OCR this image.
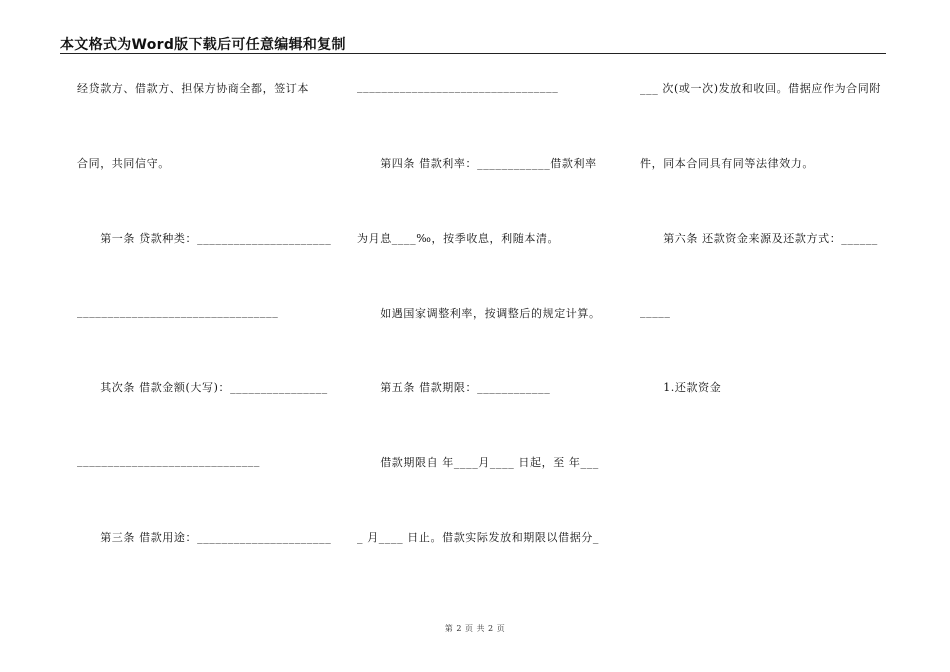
本文格式为Word版下载后可任意编辑和复制
经贷款方、借款方、担保方协商全都，签订本
合同，共同信守。
　　第一条 贷款种类：______________________
_________________________________
　　其次条 借款金额(大写)：________________
______________________________
　　第三条 借款用途：______________________
_________________________________
　　第四条 借款利率：____________借款利率
为月息____‰，按季收息，利随本清。
　　如遇国家调整利率，按调整后的规定计算。
　　第五条 借款期限：____________
　　借款期限自 年____月____ 日起，至 年___
_ 月____ 日止。借款实际发放和期限以借据分_
___ 次(或一次)发放和收回。借据应作为合同附
件，同本合同具有同等法律效力。
　　第六条 还款资金来源及还款方式：______
_____
　　1.还款资金
第 2 页 共 2 页
